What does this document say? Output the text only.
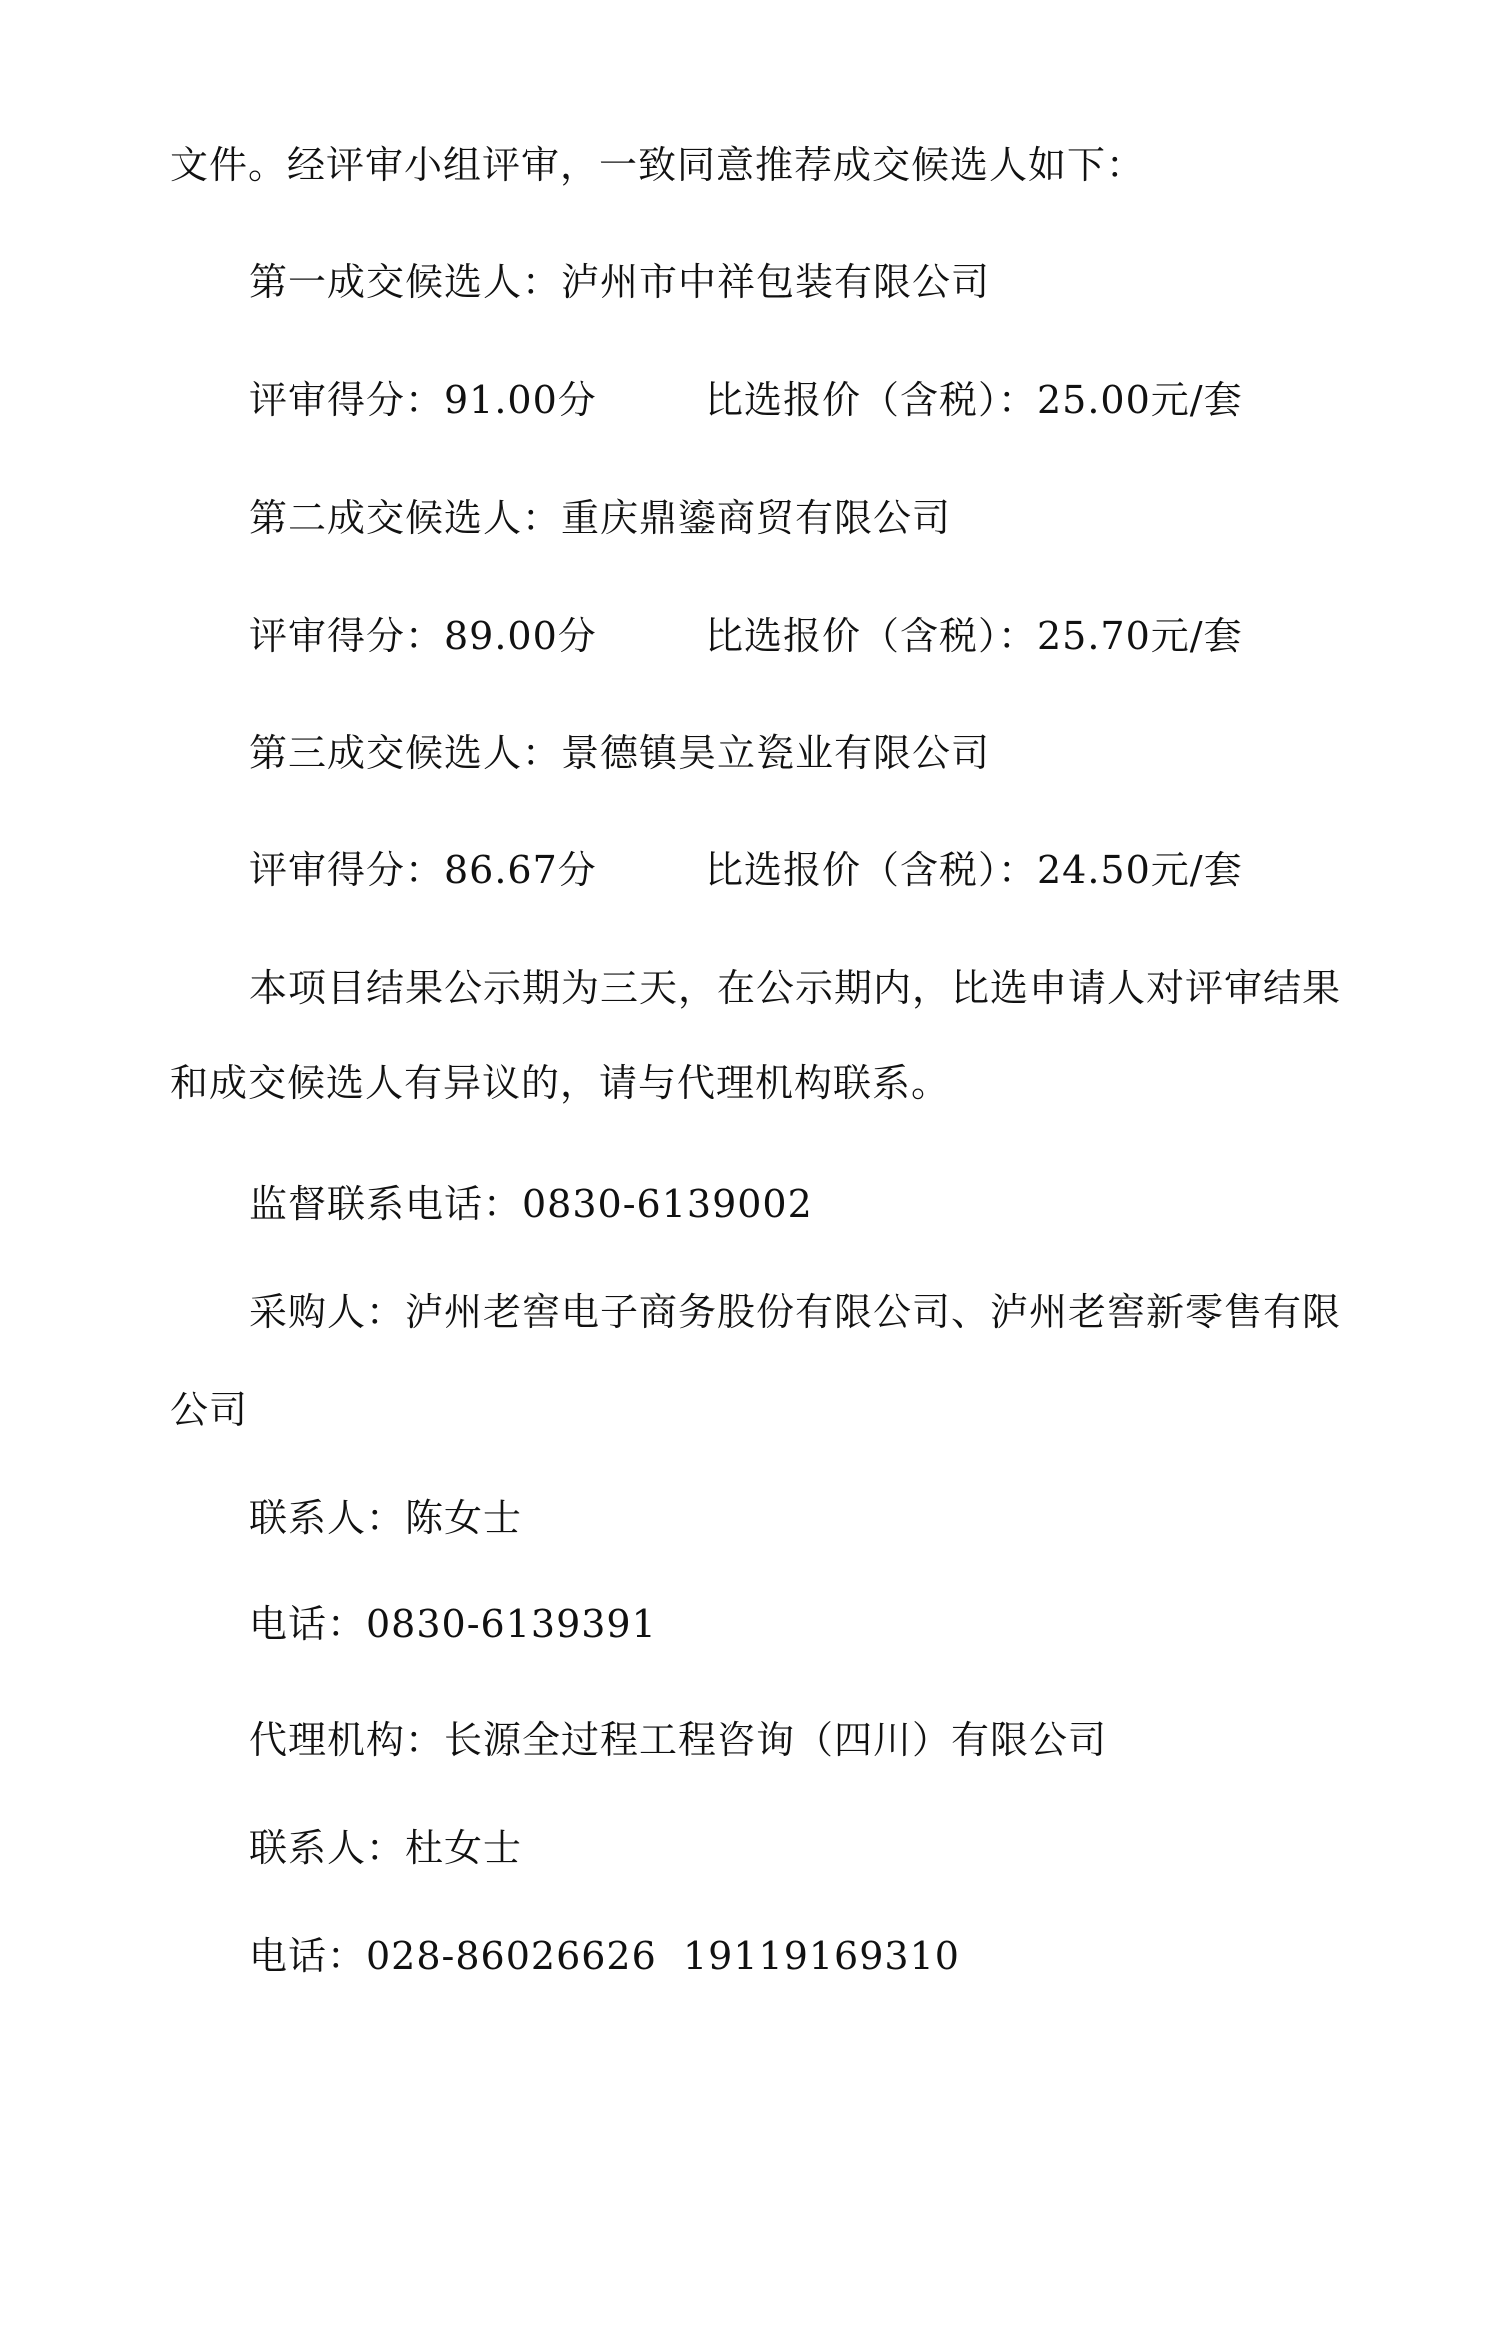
文件。经评审小组评审，一致同意推荐成交候选人如下：
第一成交候选人：泸州市中祥包装有限公司
评审得分：91.00分	比选报价（含税）：25.00元/套
第二成交候选人：重庆鼎鎏商贸有限公司
评审得分：89.00分	比选报价（含税）：25.70元/套
第三成交候选人：景德镇昊立瓷业有限公司
评审得分：86.67分	比选报价（含税）：24.50元/套
本项目结果公示期为三天，在公示期内，比选申请人对评审结果
和成交候选人有异议的，请与代理机构联系。
监督联系电话：0830-6139002
采购人：泸州老窖电子商务股份有限公司、泸州老窖新零售有限
公司
联系人：陈女士
电话：0830-6139391
代理机构：长源全过程工程咨询（四川）有限公司
联系人：杜女士
电话：028-86026626 19119169310
